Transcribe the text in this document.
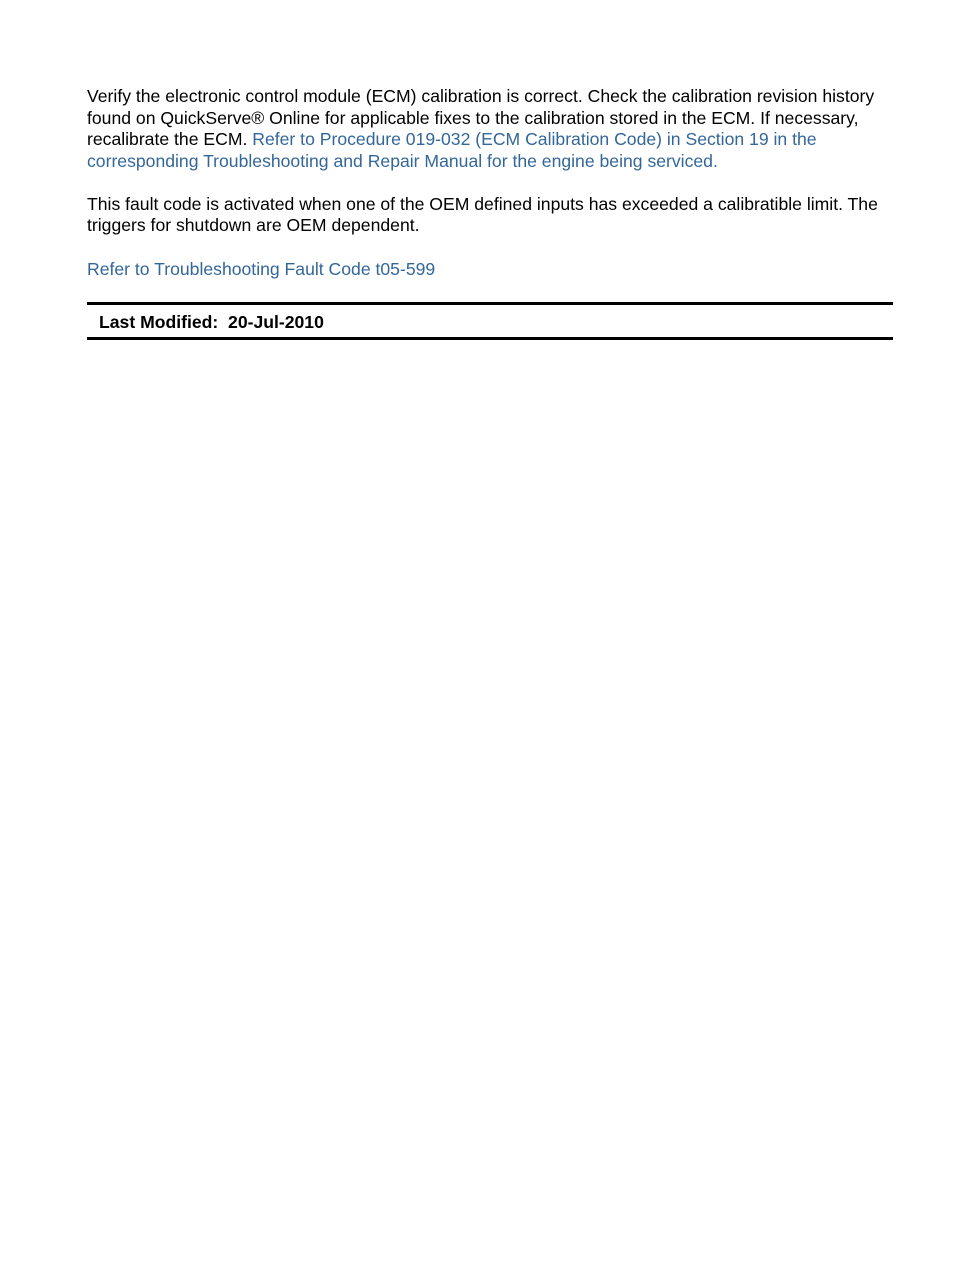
Verify the electronic control module (ECM) calibration is correct. Check the calibration revision history found on QuickServe® Online for applicable fixes to the calibration stored in the ECM. If necessary, recalibrate the ECM. Refer to Procedure 019-032 (ECM Calibration Code) in Section 19 in the corresponding Troubleshooting and Repair Manual for the engine being serviced.

This fault code is activated when one of the OEM defined inputs has exceeded a calibratible limit. The triggers for shutdown are OEM dependent.

Refer to Troubleshooting Fault Code t05-599

Last Modified: 20-Jul-2010
